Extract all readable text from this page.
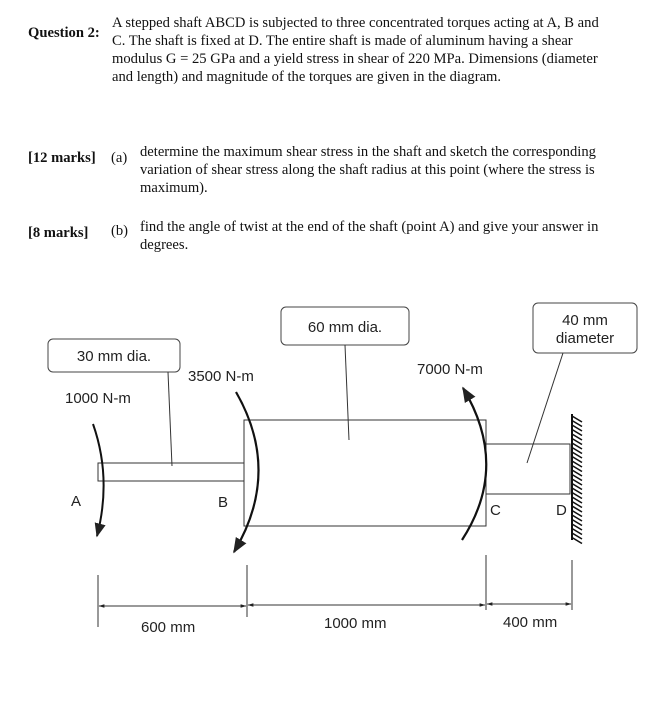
Question 2:
A stepped shaft ABCD is subjected to three concentrated torques acting at A, B and
C. The shaft is fixed at D. The entire shaft is made of aluminum having a shear
modulus G = 25 GPa and a yield stress in shear of 220 MPa. Dimensions (diameter
and length) and magnitude of the torques are given in the diagram.
[12 marks] (a) determine the maximum shear stress in the shaft and sketch the corresponding
variation of shear stress along the shaft radius at this point (where the stress is
maximum).
[8 marks] (b) find the angle of twist at the end of the shaft (point A) and give your answer in
degrees.
30 mm dia.
60 mm dia.	40 mm
diameter
1000 N-m
3500 N-m	7000 N-m
A	B	C	D
600 mm	1000 mm	400 mm
